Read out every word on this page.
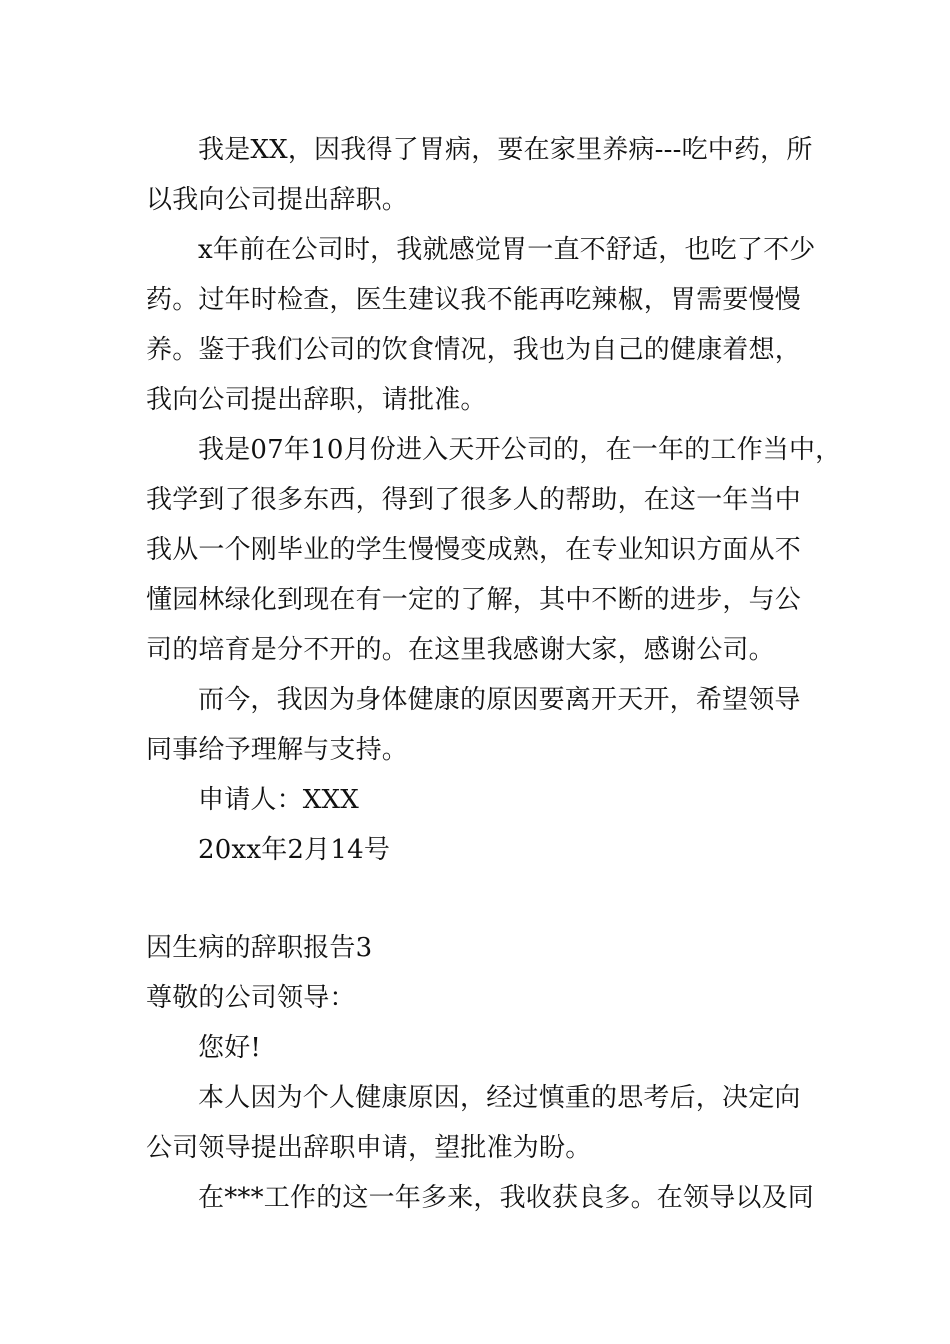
我是XX，因我得了胃病，要在家里养病---吃中药，所
以我向公司提出辞职。
x年前在公司时，我就感觉胃一直不舒适，也吃了不少
药。过年时检查，医生建议我不能再吃辣椒，胃需要慢慢
养。鉴于我们公司的饮食情况，我也为自己的健康着想，
我向公司提出辞职，请批准。
我是07年10月份进入天开公司的，在一年的工作当中，
我学到了很多东西，得到了很多人的帮助，在这一年当中
我从一个刚毕业的学生慢慢变成熟，在专业知识方面从不
懂园林绿化到现在有一定的了解，其中不断的进步，与公
司的培育是分不开的。在这里我感谢大家，感谢公司。
而今，我因为身体健康的原因要离开天开，希望领导
同事给予理解与支持。
申请人：XXX
20xx年2月14号
因生病的辞职报告3
尊敬的公司领导：
您好!
本人因为个人健康原因，经过慎重的思考后，决定向
公司领导提出辞职申请，望批准为盼。
在***工作的这一年多来，我收获良多。在领导以及同
